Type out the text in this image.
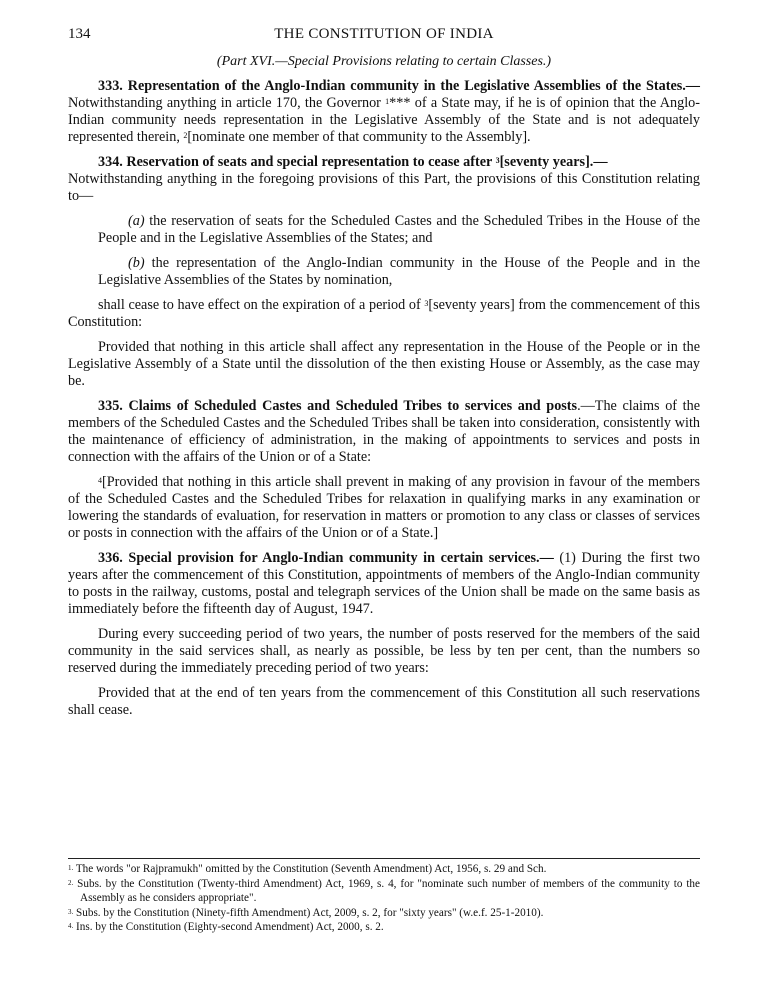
134	THE CONSTITUTION OF INDIA
(Part XVI.—Special Provisions relating to certain Classes.)

333. Representation of the Anglo-Indian community in the Legislative Assemblies of the States.— Notwithstanding anything in article 170, the Governor $^1$*** of a State may, if he is of opinion that the Anglo-Indian community needs representation in the Legislative Assembly of the State and is not adequately represented therein, $^2$[nominate one member of that community to the Assembly].

334. Reservation of seats and special representation to cease after $^3$[seventy years].—
Notwithstanding anything in the foregoing provisions of this Part, the provisions of this Constitution relating to—

(a) the reservation of seats for the Scheduled Castes and the Scheduled Tribes in the House of the People and in the Legislative Assemblies of the States; and

(b) the representation of the Anglo-Indian community in the House of the People and in the Legislative Assemblies of the States by nomination,

shall cease to have effect on the expiration of a period of $^3$[seventy years] from the commencement of this Constitution:

Provided that nothing in this article shall affect any representation in the House of the People or in the Legislative Assembly of a State until the dissolution of the then existing House or Assembly, as the case may be.

335. Claims of Scheduled Castes and Scheduled Tribes to services and posts.—The claims of the members of the Scheduled Castes and the Scheduled Tribes shall be taken into consideration, consistently with the maintenance of efficiency of administration, in the making of appointments to services and posts in connection with the affairs of the Union or of a State:

$^4$[Provided that nothing in this article shall prevent in making of any provision in favour of the members of the Scheduled Castes and the Scheduled Tribes for relaxation in qualifying marks in any examination or lowering the standards of evaluation, for reservation in matters or promotion to any class or classes of services or posts in connection with the affairs of the Union or of a State.]

336. Special provision for Anglo-Indian community in certain services.— (1) During the first two years after the commencement of this Constitution, appointments of members of the Anglo-Indian community to posts in the railway, customs, postal and telegraph services of the Union shall be made on the same basis as immediately before the fifteenth day of August, 1947.

During every succeeding period of two years, the number of posts reserved for the members of the said community in the said services shall, as nearly as possible, be less by ten per cent, than the numbers so reserved during the immediately preceding period of two years:

Provided that at the end of ten years from the commencement of this Constitution all such reservations shall cease.

$^{1.}$ The words "or Rajpramukh" omitted by the Constitution (Seventh Amendment) Act, 1956, s. 29 and Sch.

$^{2.}$ Subs. by the Constitution (Twenty-third Amendment) Act, 1969, s. 4, for "nominate such number of members of the community to the Assembly as he considers appropriate".

$^{3.}$ Subs. by the Constitution (Ninety-fifth Amendment) Act, 2009, s. 2, for "sixty years" (w.e.f. 25-1-2010).

$^{4.}$ Ins. by the Constitution (Eighty-second Amendment) Act, 2000, s. 2.
